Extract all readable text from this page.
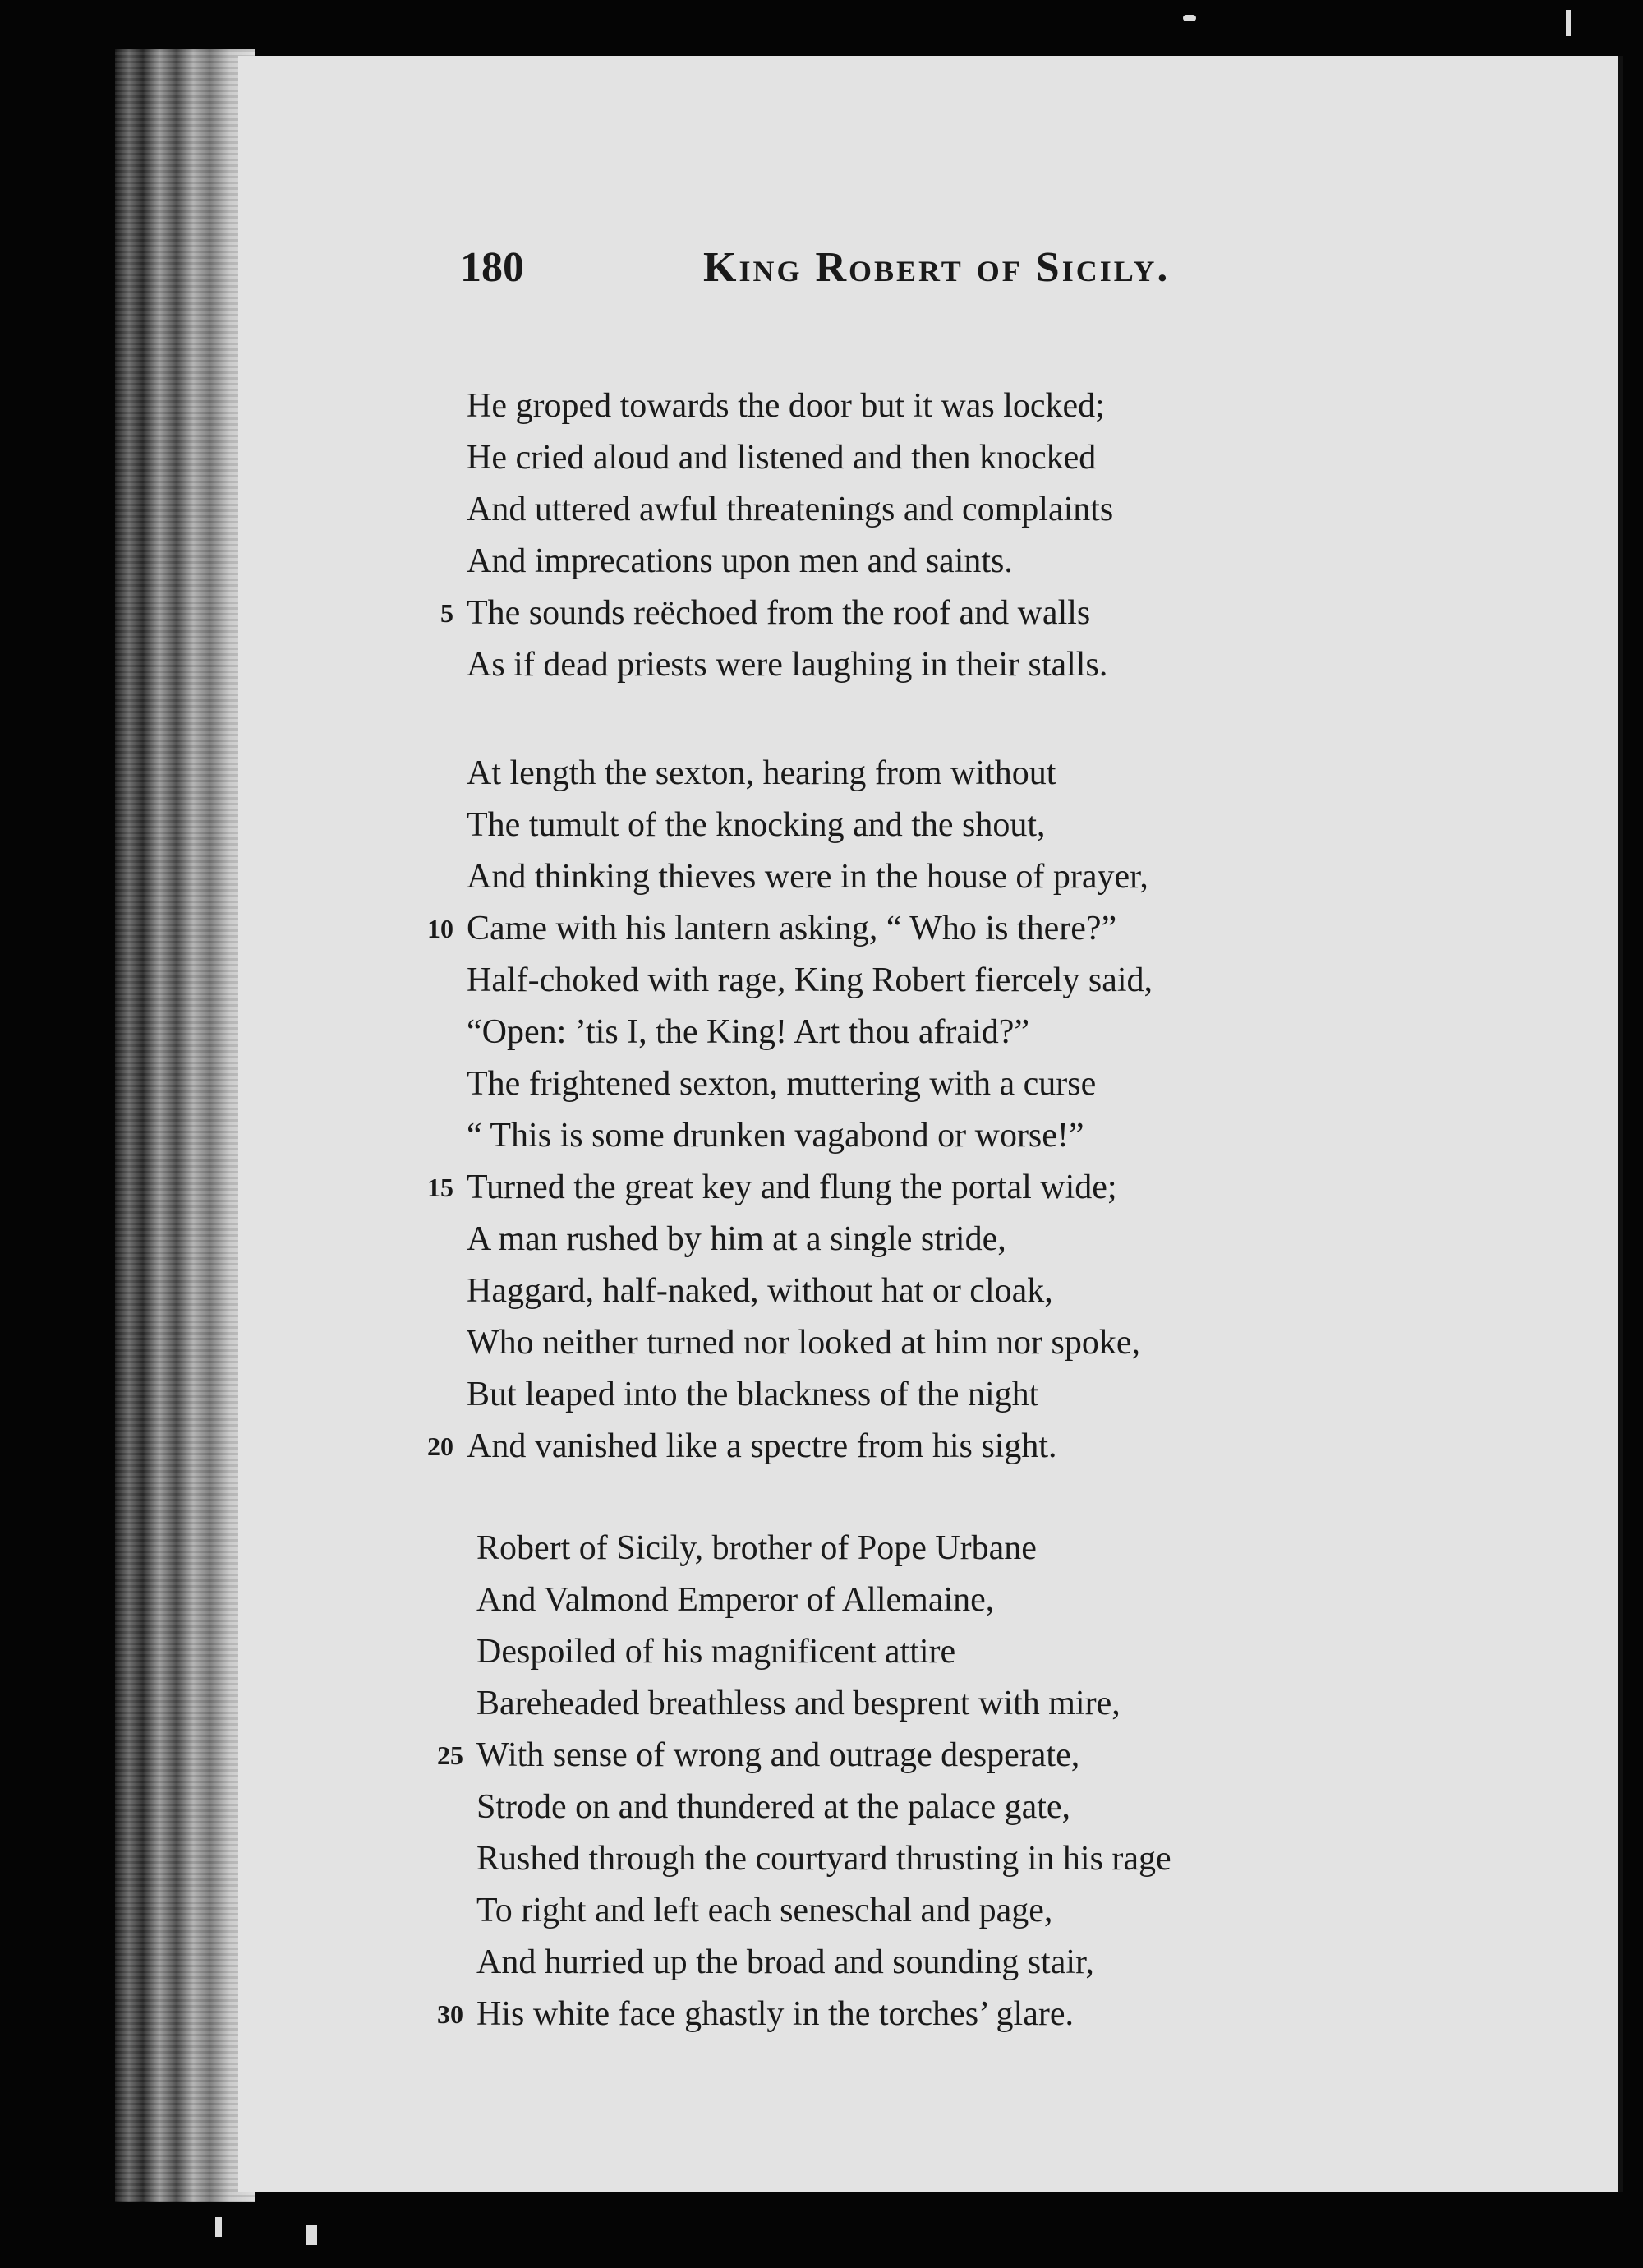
180	King Robert of Sicily.
He groped towards the door but it was locked;
He cried aloud and listened and then knocked
And uttered awful threatenings and complaints
And imprecations upon men and saints.
5 The sounds reëchoed from the roof and walls
As if dead priests were laughing in their stalls.
At length the sexton, hearing from without
The tumult of the knocking and the shout,
And thinking thieves were in the house of prayer,
10 Came with his lantern asking, “ Who is there?”
Half-choked with rage, King Robert fiercely said,
“Open: ’tis I, the King! Art thou afraid?”
The frightened sexton, muttering with a curse
“ This is some drunken vagabond or worse!”
15 Turned the great key and flung the portal wide;
A man rushed by him at a single stride,
Haggard, half-naked, without hat or cloak,
Who neither turned nor looked at him nor spoke,
But leaped into the blackness of the night
20 And vanished like a spectre from his sight.
Robert of Sicily, brother of Pope Urbane
And Valmond Emperor of Allemaine,
Despoiled of his magnificent attire
Bareheaded breathless and besprent with mire,
25 With sense of wrong and outrage desperate,
Strode on and thundered at the palace gate,
Rushed through the courtyard thrusting in his rage
To right and left each seneschal and page,
And hurried up the broad and sounding stair,
30 His white face ghastly in the torches’ glare.
